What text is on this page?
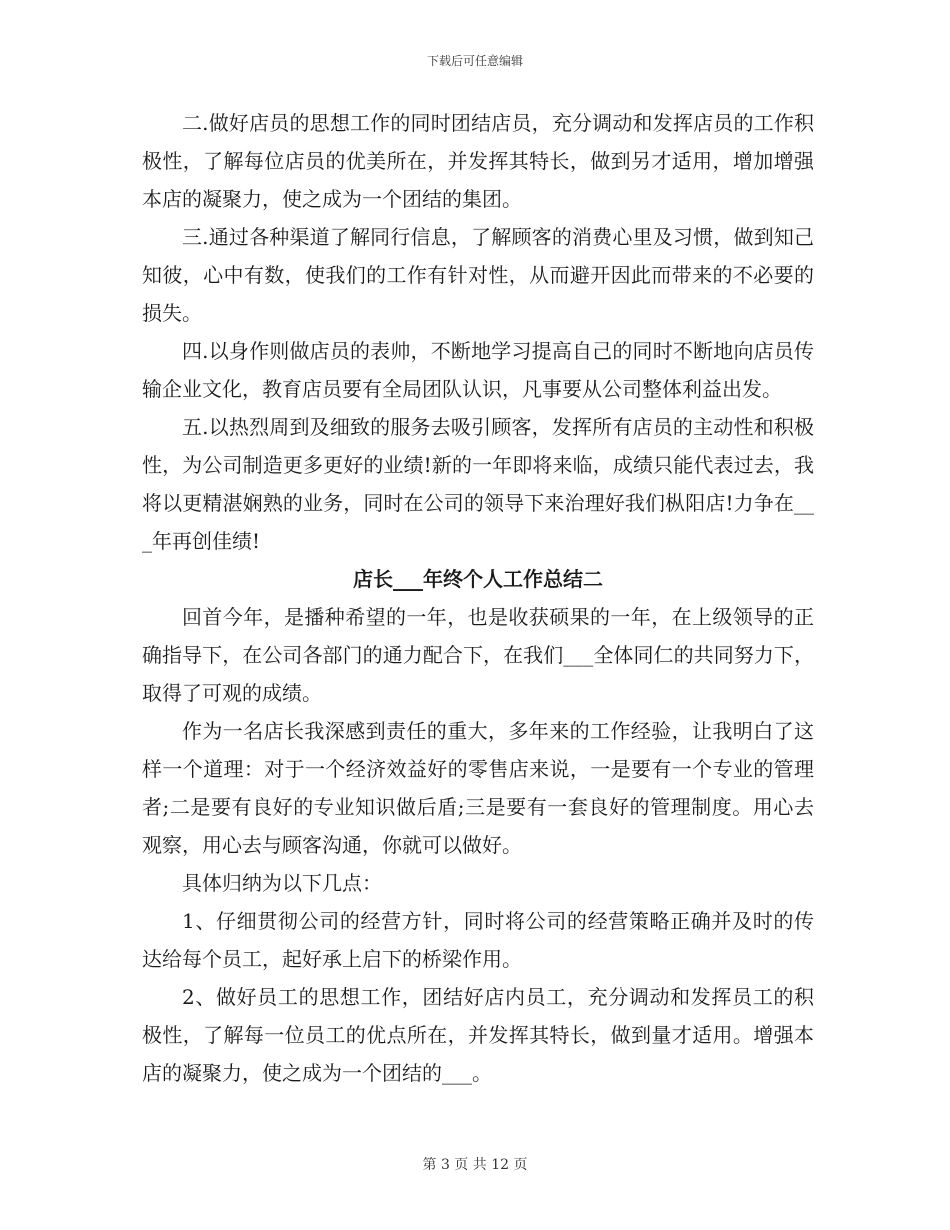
下载后可任意编辑

二.做好店员的思想工作的同时团结店员，充分调动和发挥店员的工作积极性，了解每位店员的优美所在，并发挥其特长，做到另才适用，增加增强本店的凝聚力，使之成为一个团结的集团。

三.通过各种渠道了解同行信息，了解顾客的消费心里及习惯，做到知己知彼，心中有数，使我们的工作有针对性，从而避开因此而带来的不必要的损失。

四.以身作则做店员的表帅，不断地学习提高自己的同时不断地向店员传输企业文化，教育店员要有全局团队认识，凡事要从公司整体利益出发。

五.以热烈周到及细致的服务去吸引顾客，发挥所有店员的主动性和积极性，为公司制造更多更好的业绩!新的一年即将来临，成绩只能代表过去，我将以更精湛娴熟的业务，同时在公司的领导下来治理好我们枞阳店!力争在___年再创佳绩!

店长___年终个人工作总结二

回首今年，是播种希望的一年，也是收获硕果的一年，在上级领导的正确指导下，在公司各部门的通力配合下，在我们___全体同仁的共同努力下，取得了可观的成绩。

作为一名店长我深感到责任的重大，多年来的工作经验，让我明白了这样一个道理：对于一个经济效益好的零售店来说，一是要有一个专业的管理者;二是要有良好的专业知识做后盾;三是要有一套良好的管理制度。用心去观察，用心去与顾客沟通，你就可以做好。

具体归纳为以下几点：

1、仔细贯彻公司的经营方针，同时将公司的经营策略正确并及时的传达给每个员工，起好承上启下的桥梁作用。

2、做好员工的思想工作，团结好店内员工，充分调动和发挥员工的积极性，了解每一位员工的优点所在，并发挥其特长，做到量才适用。增强本店的凝聚力，使之成为一个团结的___。

第 3 页 共 12 页
